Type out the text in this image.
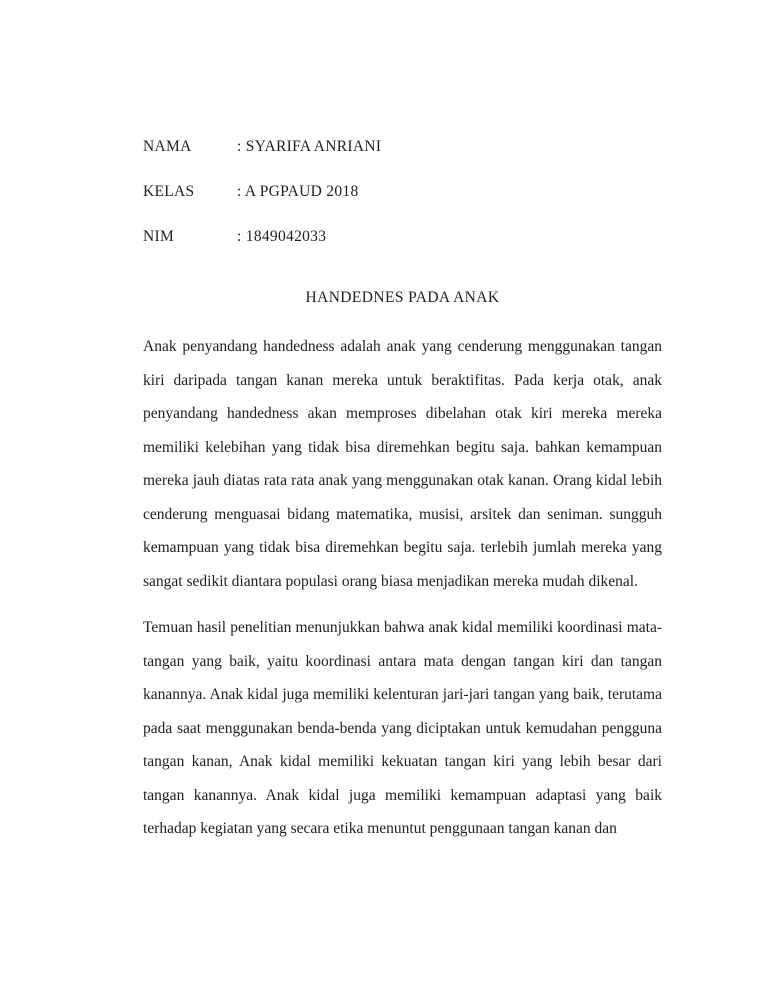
NAMA	: SYARIFA ANRIANI
KELAS	: A PGPAUD 2018
NIM	: 1849042033
HANDEDNES PADA ANAK

Anak penyandang handedness adalah anak yang cenderung menggunakan tangan kiri daripada tangan kanan mereka untuk beraktifitas. Pada kerja otak, anak penyandang handedness akan memproses dibelahan otak kiri mereka mereka memiliki kelebihan yang tidak bisa diremehkan begitu saja. bahkan kemampuan mereka jauh diatas rata rata anak yang menggunakan otak kanan. Orang kidal lebih cenderung menguasai bidang matematika, musisi, arsitek dan seniman. sungguh kemampuan yang tidak bisa diremehkan begitu saja. terlebih jumlah mereka yang sangat sedikit diantara populasi orang biasa menjadikan mereka mudah dikenal.

Temuan hasil penelitian menunjukkan bahwa anak kidal memiliki koordinasi mata-tangan yang baik, yaitu koordinasi antara mata dengan tangan kiri dan tangan kanannya. Anak kidal juga memiliki kelenturan jari-jari tangan yang baik, terutama pada saat menggunakan benda-benda yang diciptakan untuk kemudahan pengguna tangan kanan, Anak kidal memiliki kekuatan tangan kiri yang lebih besar dari tangan kanannya. Anak kidal juga memiliki kemampuan adaptasi yang baik terhadap kegiatan yang secara etika menuntut penggunaan tangan kanan dan
